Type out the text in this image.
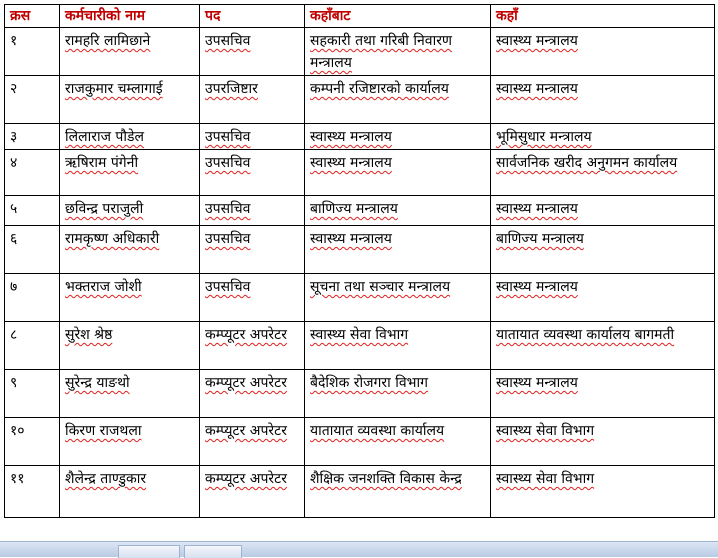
क्रस	कर्मचारीको नाम	पद	कहाँबाट	कहाँ
१	रामहरि लामिछाने	उपसचिव	सहकारी तथा गरिबी निवारण मन्त्रालय	स्वास्थ्य मन्त्रालय

२	राजकुमार चम्लागाई	उपरजिष्टार	कम्पनी रजिष्टारको कार्यालय	स्वास्थ्य मन्त्रालय

३	लिलाराज पौडेल	उपसचिव	स्वास्थ्य मन्त्रालय	भूमिसुधार मन्त्रालय

४	ऋषिराम पंगेनी	उपसचिव	स्वास्थ्य मन्त्रालय	सार्वजनिक खरीद अनुगमन कार्यालय

५	छविन्द्र पराजुली	उपसचिव	बाणिज्य मन्त्रालय	स्वास्थ्य मन्त्रालय

६	रामकृष्ण अधिकारी	उपसचिव	स्वास्थ्य मन्त्रालय	बाणिज्य मन्त्रालय

७	भक्तराज जोशी	उपसचिव	सूचना तथा सञ्चार मन्त्रालय	स्वास्थ्य मन्त्रालय

८	सुरेश श्रेष्ठ	कम्प्यूटर अपरेटर	स्वास्थ्य सेवा विभाग	यातायात व्यवस्था कार्यालय बागमती

९	सुरेन्द्र याङथो	कम्प्यूटर अपरेटर	बैदेशिक रोजगरा विभाग	स्वास्थ्य मन्त्रालय

१०	किरण राजथला	कम्प्यूटर अपरेटर	यातायात व्यवस्था कार्यालय	स्वास्थ्य सेवा विभाग

११	शैलेन्द्र ताण्डुकार	कम्प्यूटर अपरेटर	शैक्षिक जनशक्ति विकास केन्द्र	स्वास्थ्य सेवा विभाग
